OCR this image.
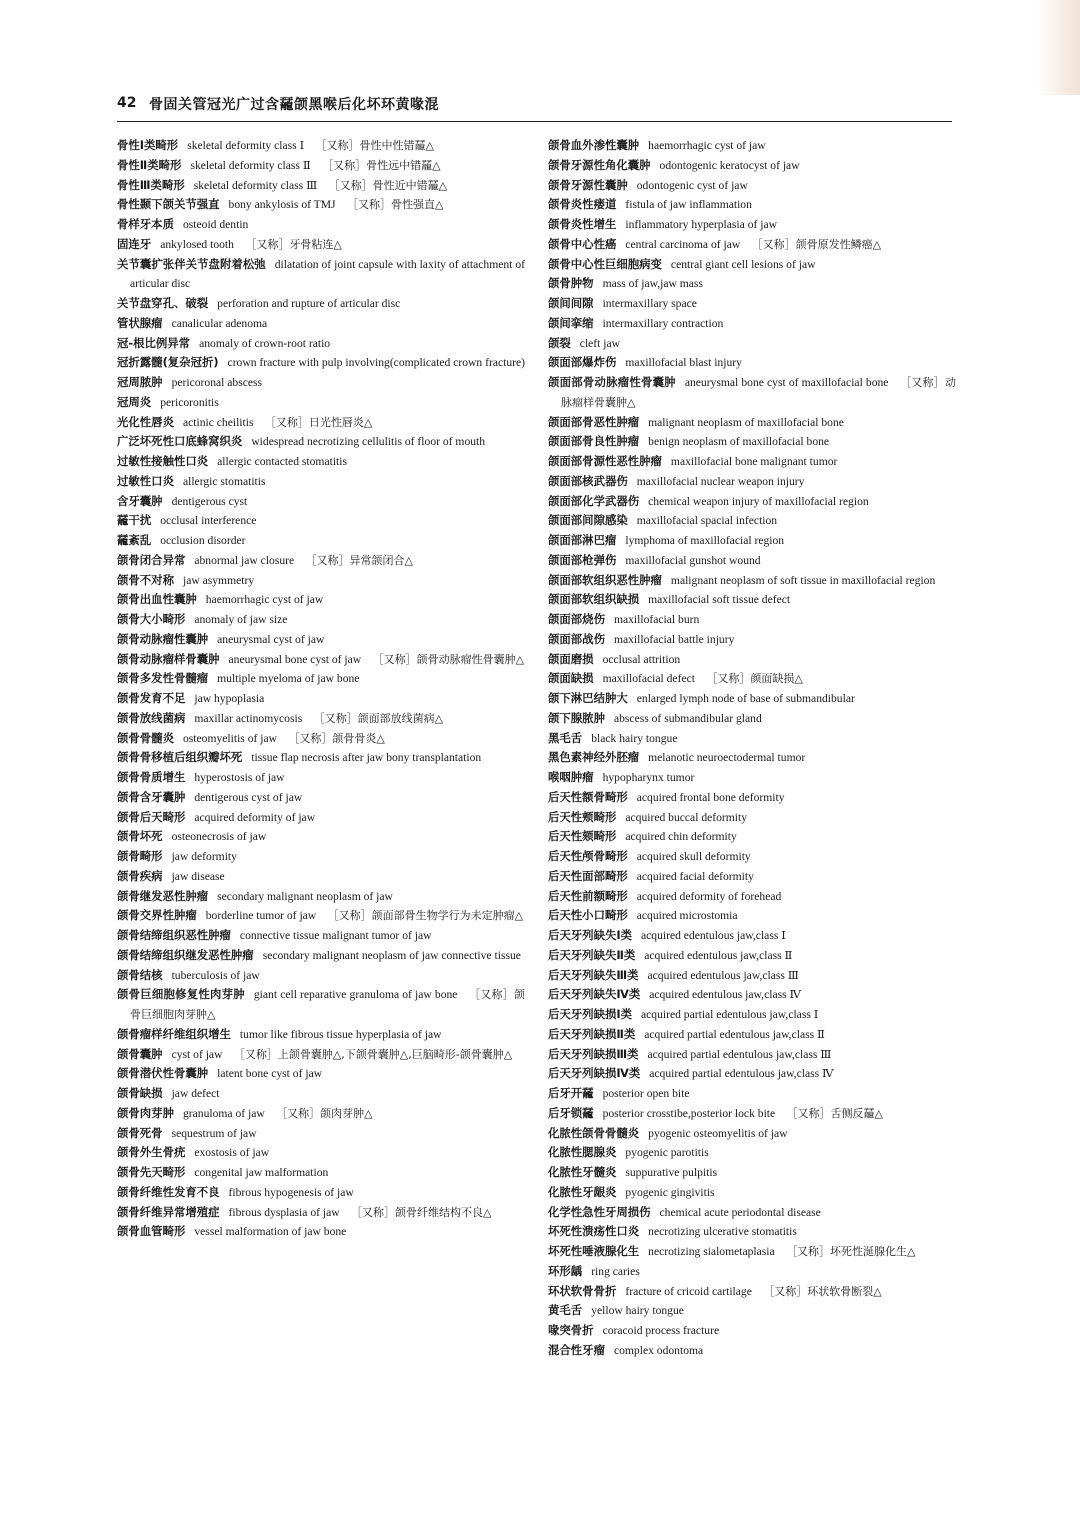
42 骨固关管冠光广过含䶬颌黑喉后化坏环黄喙混
骨性Ⅰ类畸形 skeletal deformity class Ⅰ  ［又称］骨性中性错䶬△
骨性Ⅱ类畸形 skeletal deformity class Ⅱ  ［又称］骨性远中错䶬△
骨性Ⅲ类畸形 skeletal deformity class Ⅲ  ［又称］骨性近中错䶬△
骨性颞下颌关节强直 bony ankylosis of TMJ  ［又称］骨性强直△
骨样牙本质 osteoid dentin
固连牙 ankylosed tooth  ［又称］牙骨粘连△
关节囊扩张伴关节盘附着松弛 dilatation of joint capsule with laxity of attachment of articular disc
关节盘穿孔、破裂 perforation and rupture of articular disc
管状腺瘤 canalicular adenoma
冠-根比例异常 anomaly of crown-root ratio
冠折露髓(复杂冠折) crown fracture with pulp involving(complicated crown fracture)
冠周脓肿 pericoronal abscess
冠周炎 pericoronitis
光化性唇炎 actinic cheilitis  ［又称］日光性唇炎△
广泛坏死性口底蜂窝织炎 widespread necrotizing cellulitis of floor of mouth
过敏性接触性口炎 allergic contacted stomatitis
过敏性口炎 allergic stomatitis
含牙囊肿 dentigerous cyst
䶬干扰 occlusal interference
䶬紊乱 occlusion disorder
颌骨闭合异常 abnormal jaw closure  ［又称］异常颌闭合△
颌骨不对称 jaw asymmetry
颌骨出血性囊肿 haemorrhagic cyst of jaw
颌骨大小畸形 anomaly of jaw size
颌骨动脉瘤性囊肿 aneurysmal cyst of jaw
颌骨动脉瘤样骨囊肿 aneurysmal bone cyst of jaw  ［又称］颌骨动脉瘤性骨囊肿△
颌骨多发性骨髓瘤 multiple myeloma of jaw bone
颌骨发育不足 jaw hypoplasia
颌骨放线菌病 maxillar actinomycosis  ［又称］颌面部放线菌病△
颌骨骨髓炎 osteomyelitis of jaw  ［又称］颌骨骨炎△
颌骨骨移植后组织瓣坏死 tissue flap necrosis after jaw bony transplantation
颌骨骨质增生 hyperostosis of jaw
颌骨含牙囊肿 dentigerous cyst of jaw
颌骨后天畸形 acquired deformity of jaw
颌骨坏死 osteonecrosis of jaw
颌骨畸形 jaw deformity
颌骨疾病 jaw disease
颌骨继发恶性肿瘤 secondary malignant neoplasm of jaw
颌骨交界性肿瘤 borderline tumor of jaw  ［又称］颌面部骨生物学行为未定肿瘤△
颌骨结缔组织恶性肿瘤 connective tissue malignant tumor of jaw
颌骨结缔组织继发恶性肿瘤 secondary malignant neoplasm of jaw connective tissue
颌骨结核 tuberculosis of jaw
颌骨巨细胞修复性肉芽肿 giant cell reparative granuloma of jaw bone  ［又称］颌骨巨细胞肉芽肿△
颌骨瘤样纤维组织增生 tumor like fibrous tissue hyperplasia of jaw
颌骨囊肿 cyst of jaw  ［又称］上颌骨囊肿△,下颌骨囊肿△,巨脑畸形-颌骨囊肿△
颌骨潜伏性骨囊肿 latent bone cyst of jaw
颌骨缺损 jaw defect
颌骨肉芽肿 granuloma of jaw  ［又称］颌肉芽肿△
颌骨死骨 sequestrum of jaw
颌骨外生骨疣 exostosis of jaw
颌骨先天畸形 congenital jaw malformation
颌骨纤维性发育不良 fibrous hypogenesis of jaw
颌骨纤维异常增殖症 fibrous dysplasia of jaw  ［又称］颌骨纤维结构不良△
颌骨血管畸形 vessel malformation of jaw bone
颌骨血外渗性囊肿 haemorrhagic cyst of jaw
颌骨牙源性角化囊肿 odontogenic keratocyst of jaw
颌骨牙源性囊肿 odontogenic cyst of jaw
颌骨炎性瘘道 fistula of jaw inflammation
颌骨炎性增生 inflammatory hyperplasia of jaw
颌骨中心性癌 central carcinoma of jaw  ［又称］颌骨原发性鳞癌△
颌骨中心性巨细胞病变 central giant cell lesions of jaw
颌骨肿物 mass of jaw,jaw mass
颌间间隙 intermaxillary space
颌间挛缩 intermaxillary contraction
颌裂 cleft jaw
颌面部爆炸伤 maxillofacial blast injury
颌面部骨动脉瘤性骨囊肿 aneurysmal bone cyst of maxillofacial bone  ［又称］动脉瘤样骨囊肿△
颌面部骨恶性肿瘤 malignant neoplasm of maxillofacial bone
颌面部骨良性肿瘤 benign neoplasm of maxillofacial bone
颌面部骨源性恶性肿瘤 maxillofacial bone malignant tumor
颌面部核武器伤 maxillofacial nuclear weapon injury
颌面部化学武器伤 chemical weapon injury of maxillofacial region
颌面部间隙感染 maxillofacial spacial infection
颌面部淋巴瘤 lymphoma of maxillofacial region
颌面部枪弹伤 maxillofacial gunshot wound
颌面部软组织恶性肿瘤 malignant neoplasm of soft tissue in maxillofacial region
颌面部软组织缺损 maxillofacial soft tissue defect
颌面部烧伤 maxillofacial burn
颌面部战伤 maxillofacial battle injury
颌面磨损 occlusal attrition
颌面缺损 maxillofacial defect  ［又称］颜面缺损△
颌下淋巴结肿大 enlarged lymph node of base of submandibular
颌下腺脓肿 abscess of submandibular gland
黑毛舌 black hairy tongue
黑色素神经外胚瘤 melanotic neuroectodermal tumor
喉咽肿瘤 hypopharynx tumor
后天性额骨畸形 acquired frontal bone deformity
后天性颊畸形 acquired buccal deformity
后天性颏畸形 acquired chin deformity
后天性颅骨畸形 acquired skull deformity
后天性面部畸形 acquired facial deformity
后天性前额畸形 acquired deformity of forehead
后天性小口畸形 acquired microstomia
后天牙列缺失Ⅰ类 acquired edentulous jaw,class Ⅰ
后天牙列缺失Ⅱ类 acquired edentulous jaw,class Ⅱ
后天牙列缺失Ⅲ类 acquired edentulous jaw,class Ⅲ
后天牙列缺失Ⅳ类 acquired edentulous jaw,class Ⅳ
后天牙列缺损Ⅰ类 acquired partial edentulous jaw,class Ⅰ
后天牙列缺损Ⅱ类 acquired partial edentulous jaw,class Ⅱ
后天牙列缺损Ⅲ类 acquired partial edentulous jaw,class Ⅲ
后天牙列缺损Ⅳ类 acquired partial edentulous jaw,class Ⅳ
后牙开䶬 posterior open bite
后牙锁䶬 posterior crosstibe,posterior lock bite  ［又称］舌侧反䶬△
化脓性颌骨骨髓炎 pyogenic osteomyelitis of jaw
化脓性腮腺炎 pyogenic parotitis
化脓性牙髓炎 suppurative pulpitis
化脓性牙龈炎 pyogenic gingivitis
化学性急性牙周损伤 chemical acute periodontal disease
坏死性溃疡性口炎 necrotizing ulcerative stomatitis
坏死性唾液腺化生 necrotizing sialometaplasia  ［又称］坏死性涎腺化生△
环形龋 ring caries
环状软骨骨折 fracture of cricoid cartilage  ［又称］环状软骨断裂△
黄毛舌 yellow hairy tongue
喙突骨折 coracoid process fracture
混合性牙瘤 complex odontoma
